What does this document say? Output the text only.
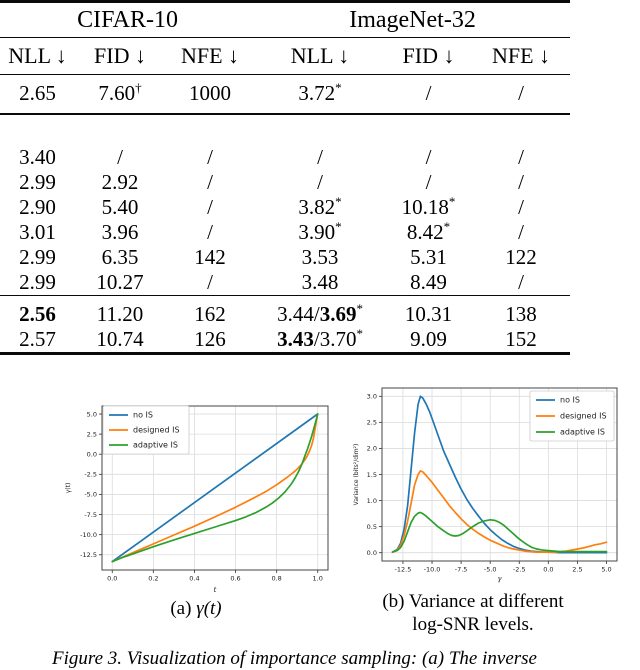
CIFAR-10			ImageNet-32		
NLL ↓	FID ↓	NFE ↓	NLL ↓	FID ↓	NFE ↓
2.65	7.60†	1000	3.72*	/	/

3.40	/	/	/	/	/
2.99	2.92	/	/	/	/
2.90	5.40	/	3.82*	10.18*	/
3.01	3.96	/	3.90*	8.42*	/
2.99	6.35	142	3.53	5.31	122
2.99	10.27	/	3.48	8.49	/
2.56	11.20	162	3.44/3.69*	10.31	138
2.57	10.74	126	3.43/3.70*	9.09	152
0.0	0.2	0.4	0.6	0.8	1.0
5.0
2.5
0.0
-2.5
-5.0
-7.5
-10.0
-12.5
t
γ(t)
no IS
designed IS
adaptive IS
-12.5 -10.0 -7.5	-5.0	-2.5	0.0	2.5	5.0
0.0
0.5
1.0
1.5
2.0
2.5
3.0
γ
Variance (bits²/dim²)
no IS
designed IS
adaptive IS
(a) γ(t)	(b) Variance at different
log-SNR levels.
Figure 3. Visualization of importance sampling: (a) The inverse
